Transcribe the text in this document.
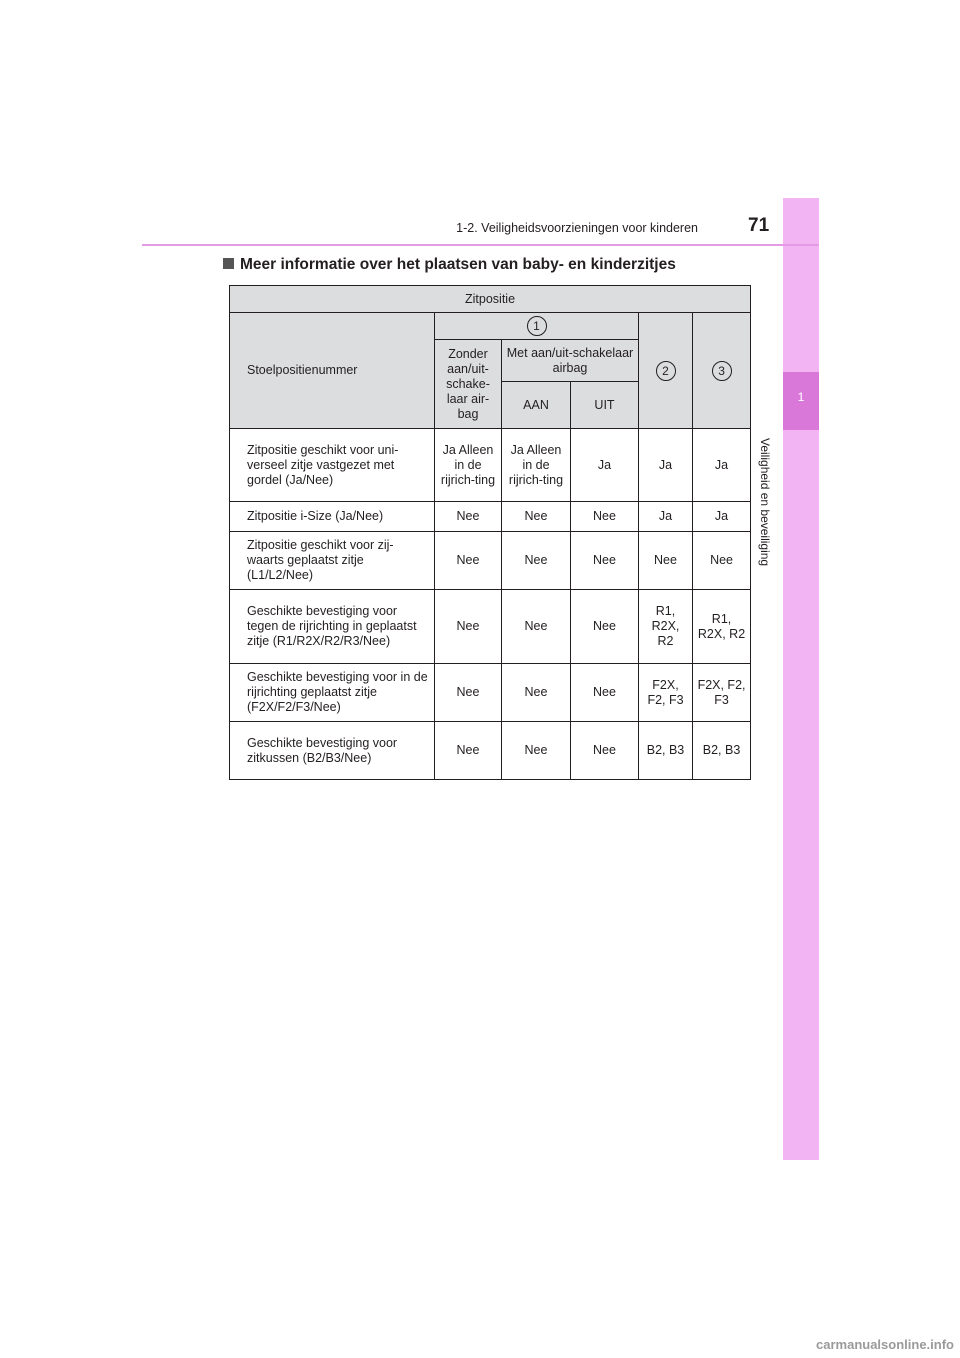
1
Veiligheid en beveiliging
1-2. Veiligheidsvoorzieningen voor kinderen	71
Meer informatie over het plaatsen van baby- en kinderzitjes
Zitpositie					
Stoelpositienummer	1			2	3
	Zonder aan/uit-schake-laar air-bag	Met aan/uit-schakelaar airbag			
		AAN	UIT		
Zitpositie geschikt voor uni-verseel zitje vastgezet met gordel (Ja/Nee)	Ja Alleen in de rijrich-ting	Ja Alleen in de rijrich-ting	Ja	Ja	Ja
Zitpositie i-Size (Ja/Nee)	Nee	Nee	Nee	Ja	Ja
Zitpositie geschikt voor zij-waarts geplaatst zitje (L1/L2/Nee)	Nee	Nee	Nee	Nee	Nee
Geschikte bevestiging voor tegen de rijrichting in geplaatst zitje (R1/R2X/R2/R3/Nee)	Nee	Nee	Nee	R1, R2X, R2	R1, R2X, R2
Geschikte bevestiging voor in de rijrichting geplaatst zitje (F2X/F2/F3/Nee)	Nee	Nee	Nee	F2X, F2, F3	F2X, F2, F3
Geschikte bevestiging voor zitkussen (B2/B3/Nee)	Nee	Nee	Nee	B2, B3	B2, B3
carmanualsonline.info
